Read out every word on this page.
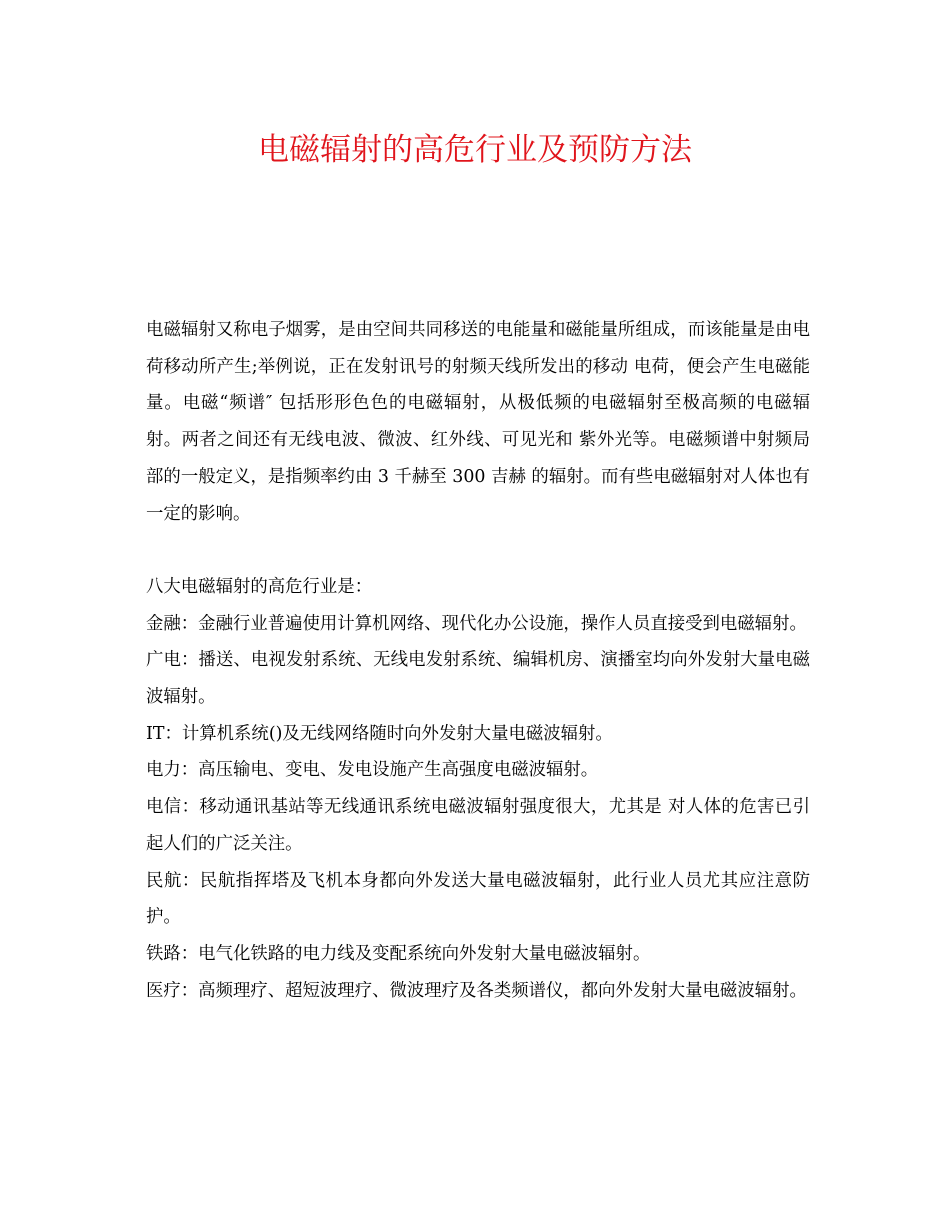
电磁辐射的高危行业及预防方法

电磁辐射又称电子烟雾，是由空间共同移送的电能量和磁能量所组成，而该能量是由电荷移动所产生;举例说，正在发射讯号的射频天线所发出的移动 电荷，便会产生电磁能量。电磁“频谱″ 包括形形色色的电磁辐射，从极低频的电磁辐射至极高频的电磁辐射。两者之间还有无线电波、微波、红外线、可见光和 紫外光等。电磁频谱中射频局部的一般定义，是指频率约由 3 千赫至 300 吉赫 的辐射。而有些电磁辐射对人体也有一定的影响。

八大电磁辐射的高危行业是：

金融：金融行业普遍使用计算机网络、现代化办公设施，操作人员直接受到电磁辐射。

广电：播送、电视发射系统、无线电发射系统、编辑机房、演播室均向外发射大量电磁波辐射。

IT：计算机系统()及无线网络随时向外发射大量电磁波辐射。

电力：高压输电、变电、发电设施产生高强度电磁波辐射。

电信：移动通讯基站等无线通讯系统电磁波辐射强度很大，尤其是 对人体的危害已引起人们的广泛关注。

民航：民航指挥塔及飞机本身都向外发送大量电磁波辐射，此行业人员尤其应注意防护。

铁路：电气化铁路的电力线及变配系统向外发射大量电磁波辐射。

医疗：高频理疗、超短波理疗、微波理疗及各类频谱仪，都向外发射大量电磁波辐射。
